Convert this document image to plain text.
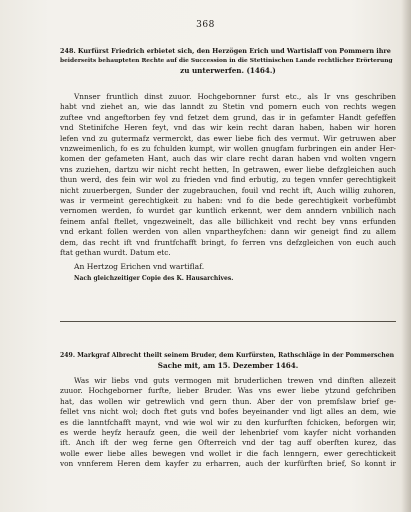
368
248. Kurfürst Friedrich erbietet sich, den Herzögen Erich und Wartislaff von Pommern ihre
beiderseits behaupteten Rechte auf die Succession in die Stettinischen Lande rechtlicher Erörterung
zu unterwerfen. (1464.)
Vnnser fruntlich dinst zuuor. Hochgebornner furst etc., als Ir vns geschriben
habt vnd ziehet an, wie das lanndt zu Stetin vnd pomern euch von rechts wegen
zuftee vnd angeftorben fey vnd fetzet dem grund, das ir in gefamter Handt gefeffen
vnd Stetinifche Heren feyt, vnd das wir kein recht daran haben, haben wir horen
lefen vnd zu gutermafz vermerckt, das ewer liebe fich des vermut. Wir getruwen aber
vnzweimenlich, fo es zu fchulden kumpt, wir wollen gnugfam furbringen ein ander Her-
komen der gefameten Hant, auch das wir clare recht daran haben vnd wolten vngern
vns zuziehen, dartzu wir nicht recht hetten, In getrawen, ewer liebe defzgleichen auch
thun werd, des fein wir wol zu frieden vnd find erbutig, zu tegen vnnfer gerechtigkeit
nicht zuuerbergen, Sunder der zugebrauchen, fouil vnd recht ift, Auch willig zuhoren,
was ir vermeint gerechtigkeit zu haben: vnd fo die bede gerechtigkeit vorbefümbt
vernomen werden, fo wurdet gar kuntlich erkennt, wer dem anndern vnbillich nach
feinem anfal ftellet, vngezweinelt, das alle billichkeit vnd recht bey vnns erfunden
vnd erkant follen werden von allen vnpartheyfchen: dann wir geneigt find zu allem
dem, das recht ift vnd fruntfchafft bringt, fo ferren vns defzgleichen von euch auch
ftat gethan wurdt. Datum etc.
An Hertzog Erichen vnd wartiflaf.
Nach gleichzeitiger Copie des K. Hausarchives.
249. Markgraf Albrecht theilt seinem Bruder, dem Kurfürsten, Rathschläge in der Pommerschen
Sache mit, am 15. Dezember 1464.
Was wir liebs vnd guts vermogen mit bruderlichen trewen vnd dinften allezeit
zuuor. Hochgeborner furfte, lieber Bruder. Was vns ewer liebe ytzund gefchriben
hat, das wollen wir getrewlich vnd gern thun. Aber der von premfslaw brief ge-
fellet vns nicht wol; doch ftet guts vnd bofes beyeinander vnd ligt alles an dem, wie
es die lanntfchafft maynt, vnd wie wol wir zu den kurfurften fchicken, beforgen wir,
es werde heyfz heraufz geen, die weil der lehenbrief vom kayfer nicht vorhanden
ift. Anch ift der weg ferne gen Ofterreich vnd der tag auff oberften kurez, das
wolle ewer liebe alles bewegen vnd wollet ir die fach lenngern, ewer gerechtickeit
von vnnferem Heren dem kayfer zu erharren, auch der kurfürften brief, So konnt ir
